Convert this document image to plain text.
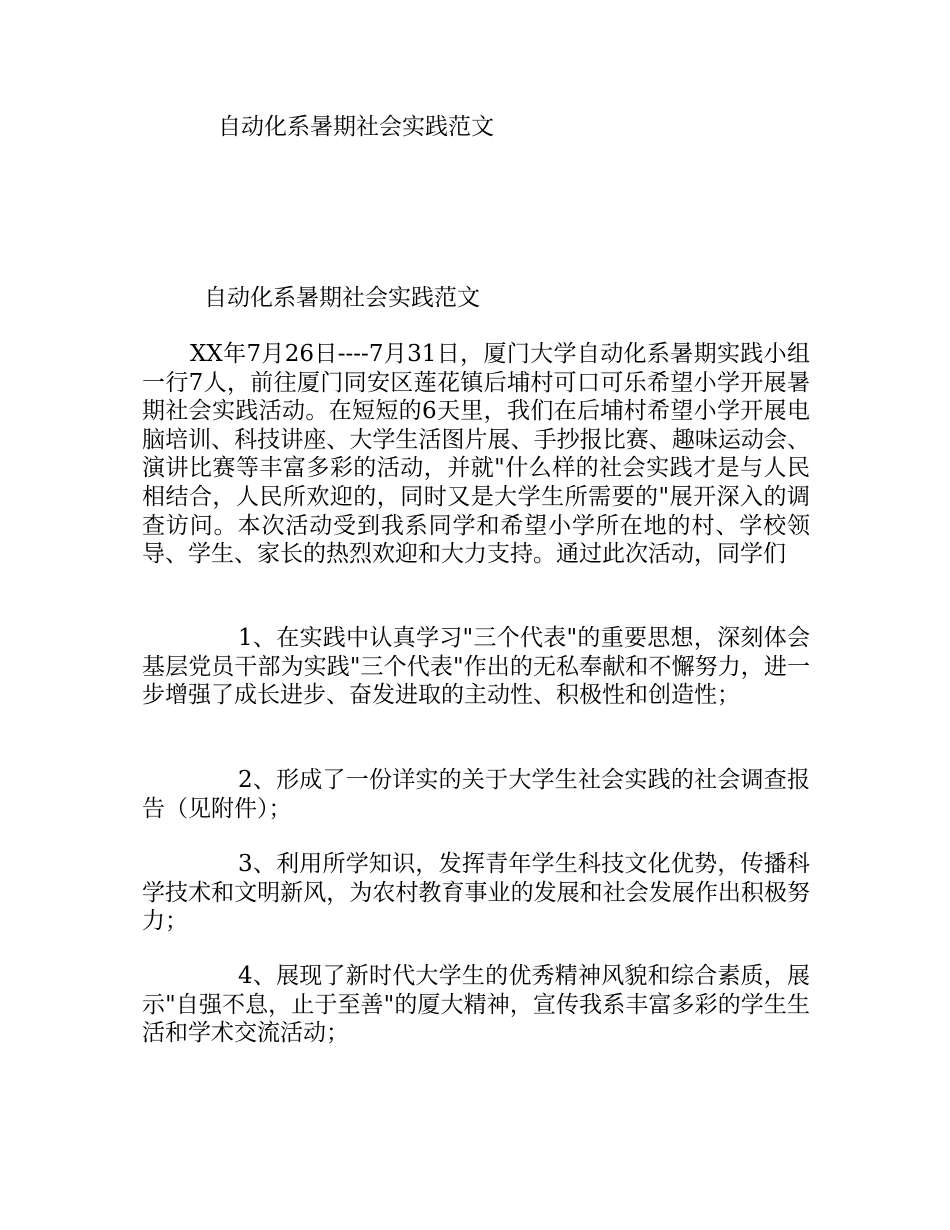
自动化系暑期社会实践范文
自动化系暑期社会实践范文

XX年7月26日----7月31日，厦门大学自动化系暑期实践小组一行7人，前往厦门同安区莲花镇后埔村可口可乐希望小学开展暑期社会实践活动。在短短的6天里，我们在后埔村希望小学开展电脑培训、科技讲座、大学生活图片展、手抄报比赛、趣味运动会、演讲比赛等丰富多彩的活动，并就"什么样的社会实践才是与人民相结合，人民所欢迎的，同时又是大学生所需要的"展开深入的调查访问。本次活动受到我系同学和希望小学所在地的村、学校领导、学生、家长的热烈欢迎和大力支持。通过此次活动，同学们

1、在实践中认真学习"三个代表"的重要思想，深刻体会基层党员干部为实践"三个代表"作出的无私奉献和不懈努力，进一步增强了成长进步、奋发进取的主动性、积极性和创造性；

2、形成了一份详实的关于大学生社会实践的社会调查报告（见附件）；

3、利用所学知识，发挥青年学生科技文化优势，传播科学技术和文明新风，为农村教育事业的发展和社会发展作出积极努力；

4、展现了新时代大学生的优秀精神风貌和综合素质，展示"自强不息，止于至善"的厦大精神，宣传我系丰富多彩的学生生活和学术交流活动；
